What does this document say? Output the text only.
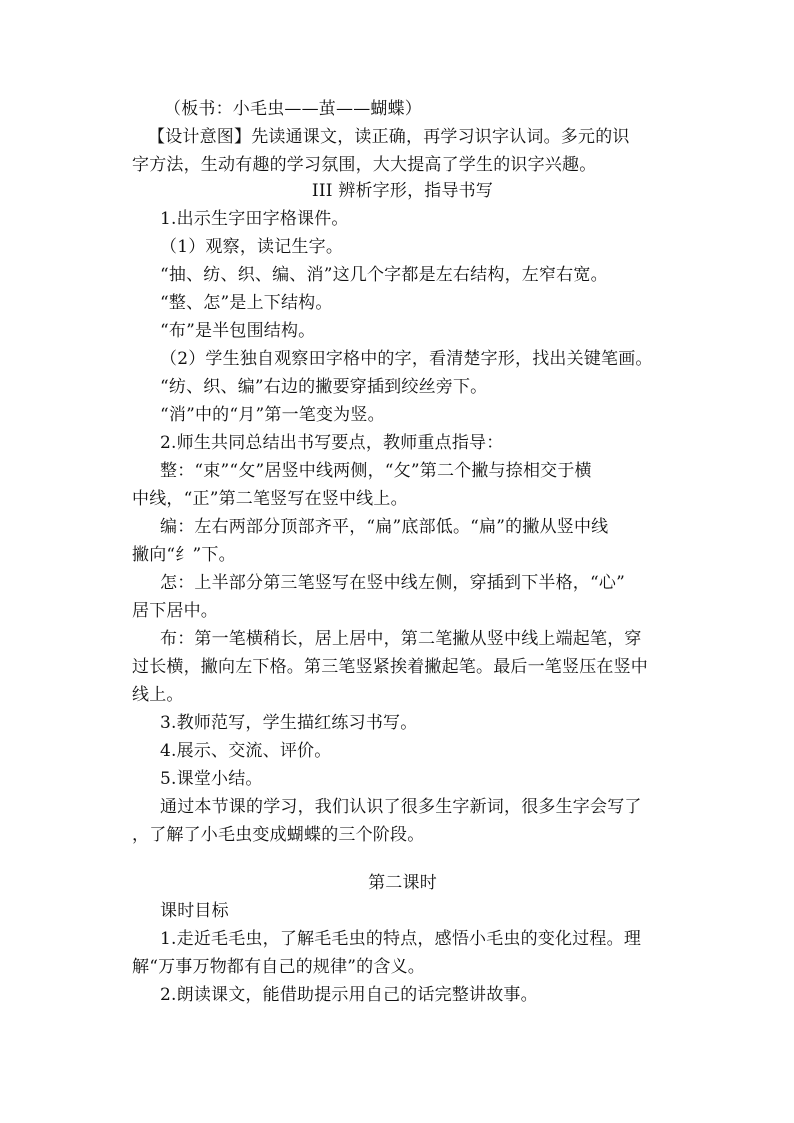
（板书：小毛虫——茧——蝴蝶）
【设计意图】先读通课文，读正确，再学习识字认词。多元的识
字方法，生动有趣的学习氛围，大大提高了学生的识字兴趣。
III 辨析字形，指导书写
1.出示生字田字格课件。
（1）观察，读记生字。
“抽、纺、织、编、消”这几个字都是左右结构，左窄右宽。
“整、怎”是上下结构。
“布”是半包围结构。
（2）学生独自观察田字格中的字，看清楚字形，找出关键笔画。
“纺、织、编”右边的撇要穿插到绞丝旁下。
“消”中的“月”第一笔变为竖。
2.师生共同总结出书写要点，教师重点指导：
整：“束”“攵”居竖中线两侧，“攵”第二个撇与捺相交于横
中线，“正”第二笔竖写在竖中线上。
编：左右两部分顶部齐平，“扁”底部低。“扁”的撇从竖中线
撇向“纟”下。
怎：上半部分第三笔竖写在竖中线左侧，穿插到下半格，“心”
居下居中。
布：第一笔横稍长，居上居中，第二笔撇从竖中线上端起笔，穿
过长横，撇向左下格。第三笔竖紧挨着撇起笔。最后一笔竖压在竖中
线上。
3.教师范写，学生描红练习书写。
4.展示、交流、评价。
5.课堂小结。
通过本节课的学习，我们认识了很多生字新词，很多生字会写了
，了解了小毛虫变成蝴蝶的三个阶段。
第二课时
课时目标
1.走近毛毛虫，了解毛毛虫的特点，感悟小毛虫的变化过程。理
解“万事万物都有自己的规律”的含义。
2.朗读课文，能借助提示用自己的话完整讲故事。
